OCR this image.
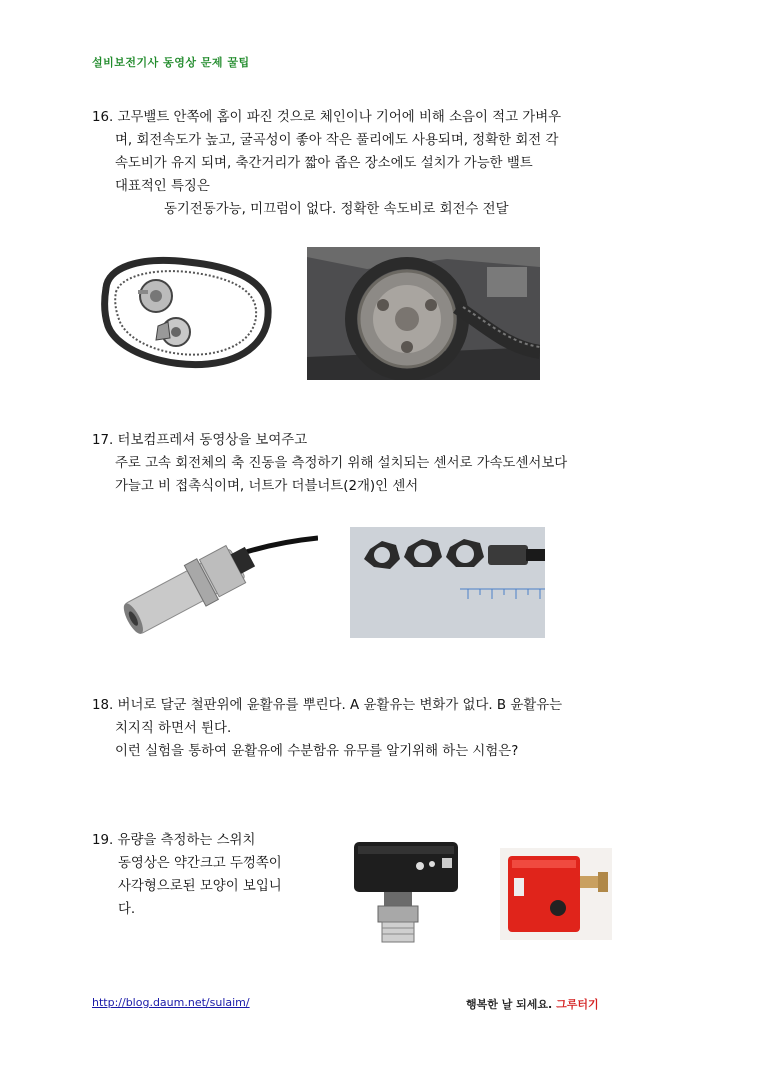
설비보전기사 동영상 문제 꿀팁
16. 고무밸트 안쪽에 홈이 파진 것으로 체인이나 기어에 비해 소음이 적고 가벼우
며, 회전속도가 높고, 굴곡성이 좋아 작은 풀리에도 사용되며, 정확한 회전 각
속도비가 유지 되며, 축간거리가 짧아 좁은 장소에도 설치가 가능한 밸트
대표적인 특징은
동기전동가능, 미끄럼이 없다. 정확한 속도비로 회전수 전달
17. 터보컴프레셔 동영상을 보여주고
주로 고속 회전체의 축 진동을 측정하기 위해 설치되는 센서로 가속도센서보다
가늘고 비 접촉식이며, 너트가 더블너트(2개)인 센서
18. 버너로 달군 철판위에 윤활유를 뿌린다. A 윤활유는 변화가 없다. B 윤활유는
치지직 하면서 튄다.
이런 실험을 통하여 윤활유에 수분함유 유무를 알기위해 하는 시험은?
19. 유량을 측정하는 스위치
동영상은 약간크고 두껑쪽이
사각형으로된 모양이 보입니
다.
http://blog.daum.net/sulaim/	행복한 날 되세요. 그루터기
